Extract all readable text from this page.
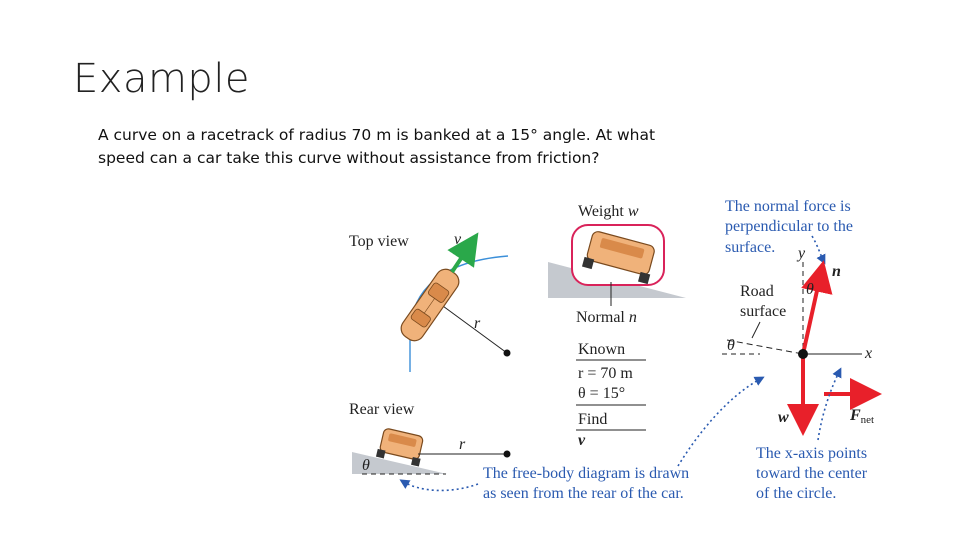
Example
A curve on a racetrack of radius 70 m is banked at a 15° angle. At what
speed can a car take this curve without assistance from friction?
Top view
r
v
Rear view
r
θ
Weight w
Normal n
Known
r = 70 m
θ = 15°
Find
v
The normal force is
perpendicular to the
surface. y
x
θ
Road
surface
n
θ
w	Fnet
The free-body diagram is drawn
as seen from the rear of the car.
The x-axis points
toward the center
of the circle.
